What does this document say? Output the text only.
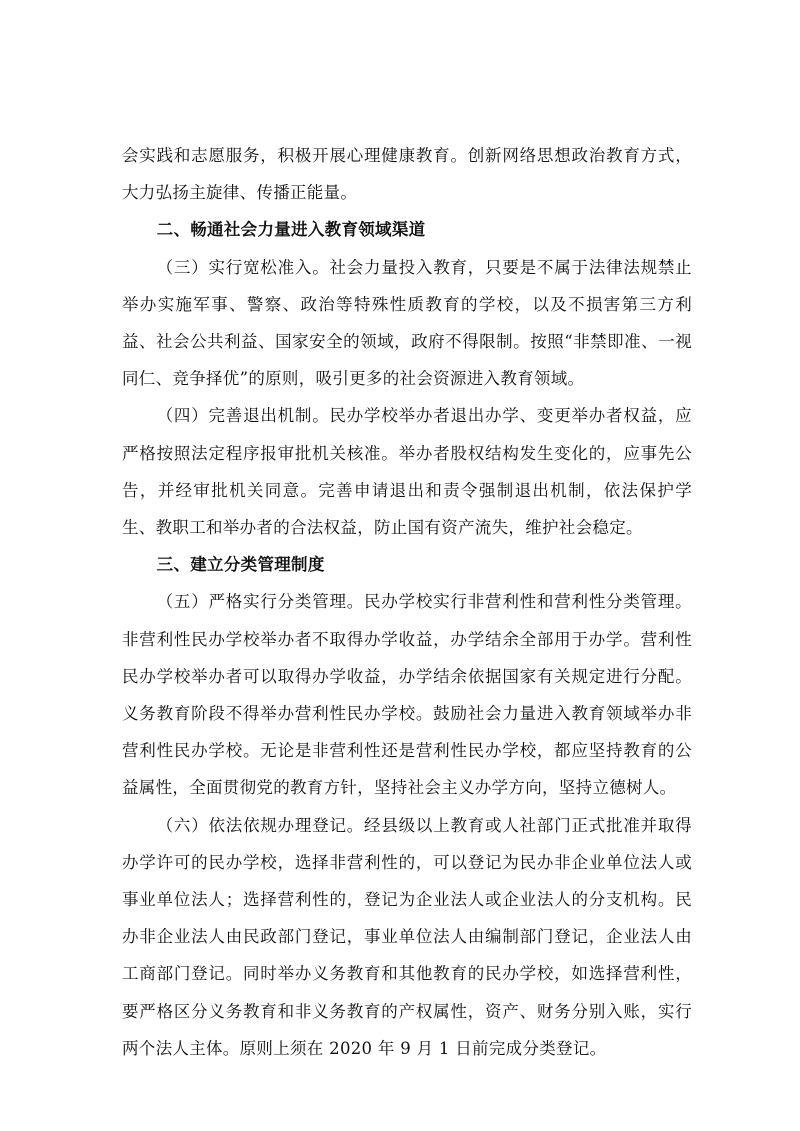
会实践和志愿服务，积极开展心理健康教育。创新网络思想政治教育方式，大力弘扬主旋律、传播正能量。

二、畅通社会力量进入教育领域渠道

（三）实行宽松准入。社会力量投入教育，只要是不属于法律法规禁止举办实施军事、警察、政治等特殊性质教育的学校，以及不损害第三方利益、社会公共利益、国家安全的领域，政府不得限制。按照“非禁即准、一视同仁、竞争择优”的原则，吸引更多的社会资源进入教育领域。

（四）完善退出机制。民办学校举办者退出办学、变更举办者权益，应严格按照法定程序报审批机关核准。举办者股权结构发生变化的，应事先公告，并经审批机关同意。完善申请退出和责令强制退出机制，依法保护学生、教职工和举办者的合法权益，防止国有资产流失，维护社会稳定。

三、建立分类管理制度

（五）严格实行分类管理。民办学校实行非营利性和营利性分类管理。非营利性民办学校举办者不取得办学收益，办学结余全部用于办学。营利性民办学校举办者可以取得办学收益，办学结余依据国家有关规定进行分配。义务教育阶段不得举办营利性民办学校。鼓励社会力量进入教育领域举办非营利性民办学校。无论是非营利性还是营利性民办学校，都应坚持教育的公益属性，全面贯彻党的教育方针，坚持社会主义办学方向，坚持立德树人。

（六）依法依规办理登记。经县级以上教育或人社部门正式批准并取得办学许可的民办学校，选择非营利性的，可以登记为民办非企业单位法人或事业单位法人；选择营利性的，登记为企业法人或企业法人的分支机构。民办非企业法人由民政部门登记，事业单位法人由编制部门登记，企业法人由工商部门登记。同时举办义务教育和其他教育的民办学校，如选择营利性，要严格区分义务教育和非义务教育的产权属性，资产、财务分别入账，实行两个法人主体。原则上须在 2020 年 9 月 1 日前完成分类登记。
